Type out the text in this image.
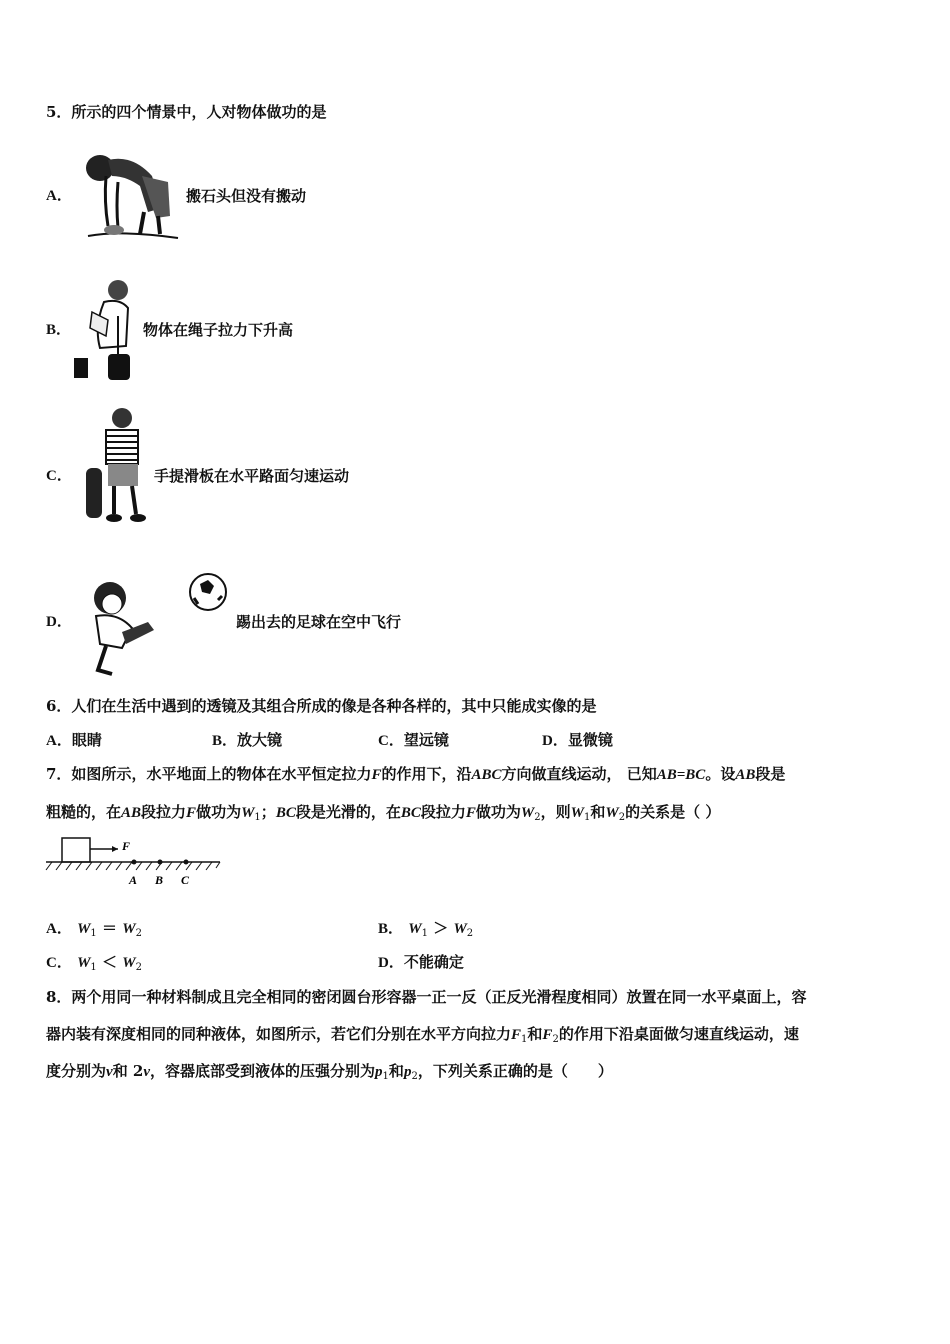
5．所示的四个情景中，人对物体做功的是
A．	搬石头但没有搬动
B．	物体在绳子拉力下升高
C．	手提滑板在水平路面匀速运动
D．	踢出去的足球在空中飞行
6．人们在生活中遇到的透镜及其组合所成的像是各种各样的，其中只能成实像的是
A．眼睛	B．放大镜	C．望远镜	D．显微镜
7．如图所示，水平地面上的物体在水平恒定拉力F的作用下，沿ABC方向做直线运动， 已知AB=BC。设AB段是
粗糙的，在AB段拉力F做功为$W_1$；BC段是光滑的，在BC段拉力F做功为$W_2$，则$W_1$和$W_2$的关系是（ ）
F
A B C
A． $W_1 = W_2$	B． $W_1 > W_2$
C． $W_1 < W_2$	D．不能确定
8．两个用同一种材料制成且完全相同的密闭圆台形容器一正一反（正反光滑程度相同）放置在同一水平桌面上，容
器内装有深度相同的同种液体，如图所示，若它们分别在水平方向拉力$F_1$和$F_2$的作用下沿桌面做匀速直线运动，速
度分别为v和 2v，容器底部受到液体的压强分别为$p_1$和$p_2$，下列关系正确的是（　　）
